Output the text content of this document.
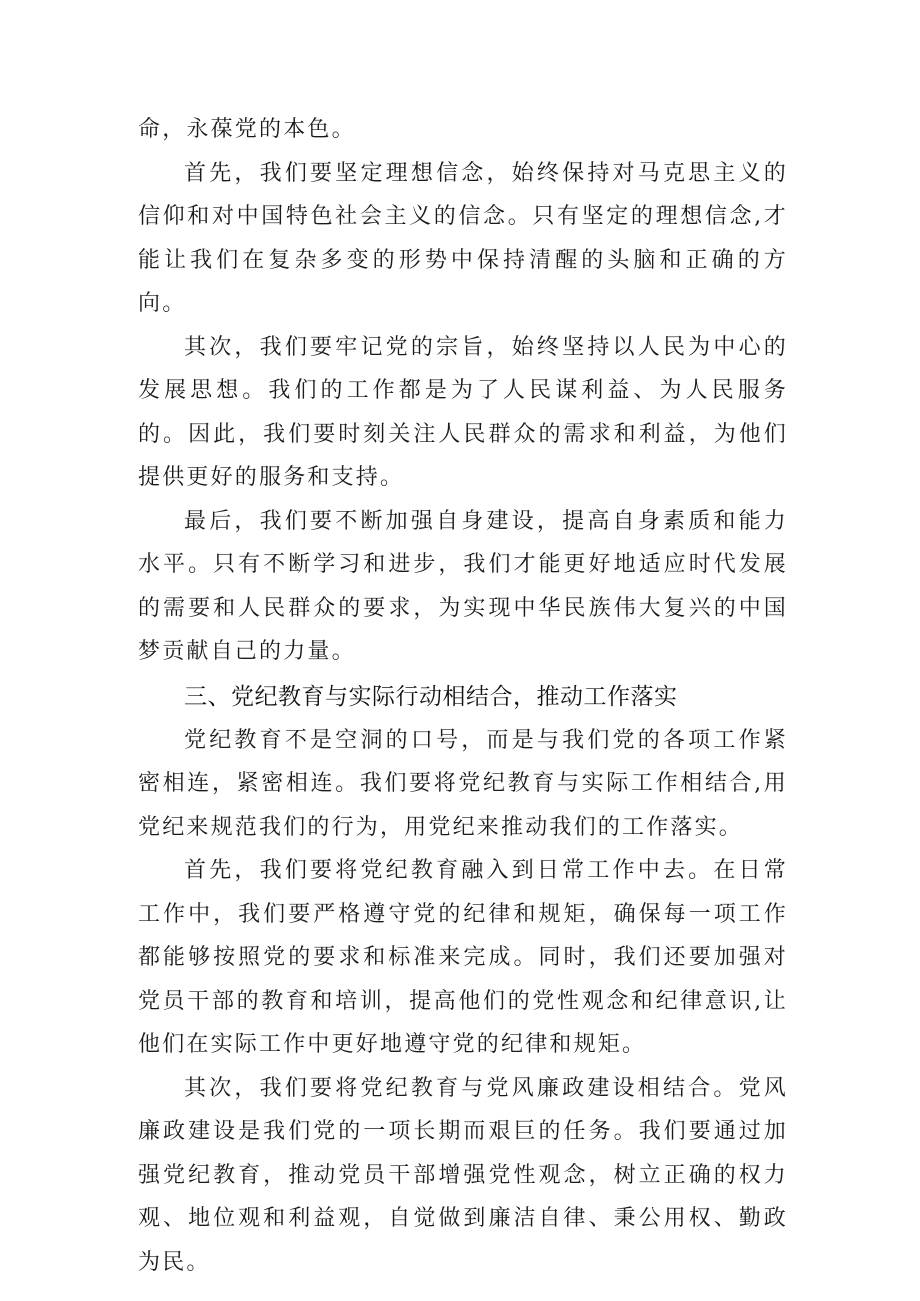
命，永葆党的本色。

首先，我们要坚定理想信念，始终保持对马克思主义的信仰和对中国特色社会主义的信念。只有坚定的理想信念,才能让我们在复杂多变的形势中保持清醒的头脑和正确的方向。

其次，我们要牢记党的宗旨，始终坚持以人民为中心的发展思想。我们的工作都是为了人民谋利益、为人民服务的。因此，我们要时刻关注人民群众的需求和利益，为他们提供更好的服务和支持。

最后，我们要不断加强自身建设，提高自身素质和能力水平。只有不断学习和进步，我们才能更好地适应时代发展的需要和人民群众的要求，为实现中华民族伟大复兴的中国梦贡献自己的力量。

三、党纪教育与实际行动相结合，推动工作落实

党纪教育不是空洞的口号，而是与我们党的各项工作紧密相连，紧密相连。我们要将党纪教育与实际工作相结合,用党纪来规范我们的行为，用党纪来推动我们的工作落实。

首先，我们要将党纪教育融入到日常工作中去。在日常工作中，我们要严格遵守党的纪律和规矩，确保每一项工作都能够按照党的要求和标准来完成。同时，我们还要加强对党员干部的教育和培训，提高他们的党性观念和纪律意识,让他们在实际工作中更好地遵守党的纪律和规矩。

其次，我们要将党纪教育与党风廉政建设相结合。党风廉政建设是我们党的一项长期而艰巨的任务。我们要通过加强党纪教育，推动党员干部增强党性观念，树立正确的权力观、地位观和利益观，自觉做到廉洁自律、秉公用权、勤政为民。
